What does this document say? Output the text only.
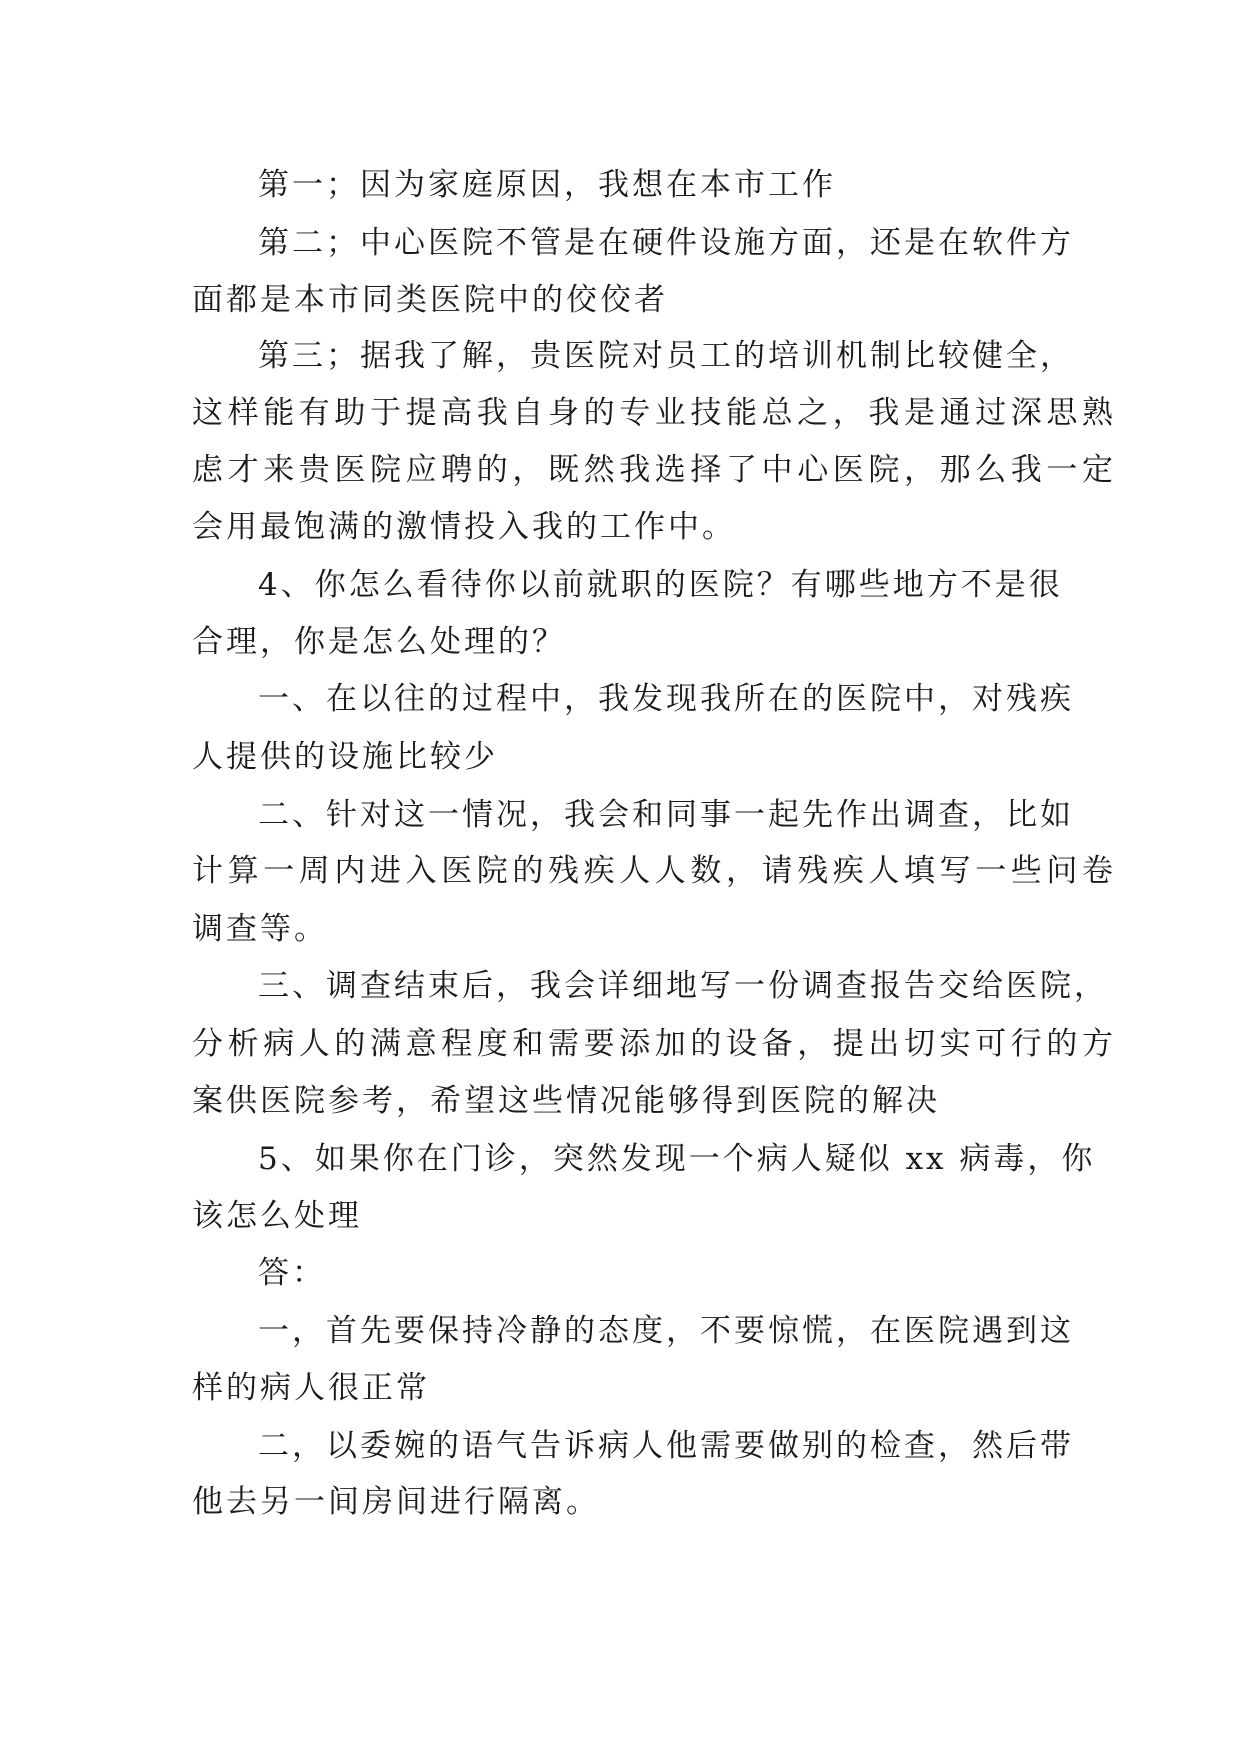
第一；因为家庭原因，我想在本市工作
第二；中心医院不管是在硬件设施方面，还是在软件方
面都是本市同类医院中的佼佼者
第三；据我了解，贵医院对员工的培训机制比较健全，
这样能有助于提高我自身的专业技能总之，我是通过深思熟
虑才来贵医院应聘的，既然我选择了中心医院，那么我一定
会用最饱满的激情投入我的工作中。
4、你怎么看待你以前就职的医院？有哪些地方不是很
合理，你是怎么处理的？
一、在以往的过程中，我发现我所在的医院中，对残疾
人提供的设施比较少
二、针对这一情况，我会和同事一起先作出调查，比如
计算一周内进入医院的残疾人人数，请残疾人填写一些问卷
调查等。
三、调查结束后，我会详细地写一份调查报告交给医院，
分析病人的满意程度和需要添加的设备，提出切实可行的方
案供医院参考，希望这些情况能够得到医院的解决
5、如果你在门诊，突然发现一个病人疑似 xx 病毒，你
该怎么处理
答：
一，首先要保持冷静的态度，不要惊慌，在医院遇到这
样的病人很正常
二，以委婉的语气告诉病人他需要做别的检查，然后带
他去另一间房间进行隔离。
